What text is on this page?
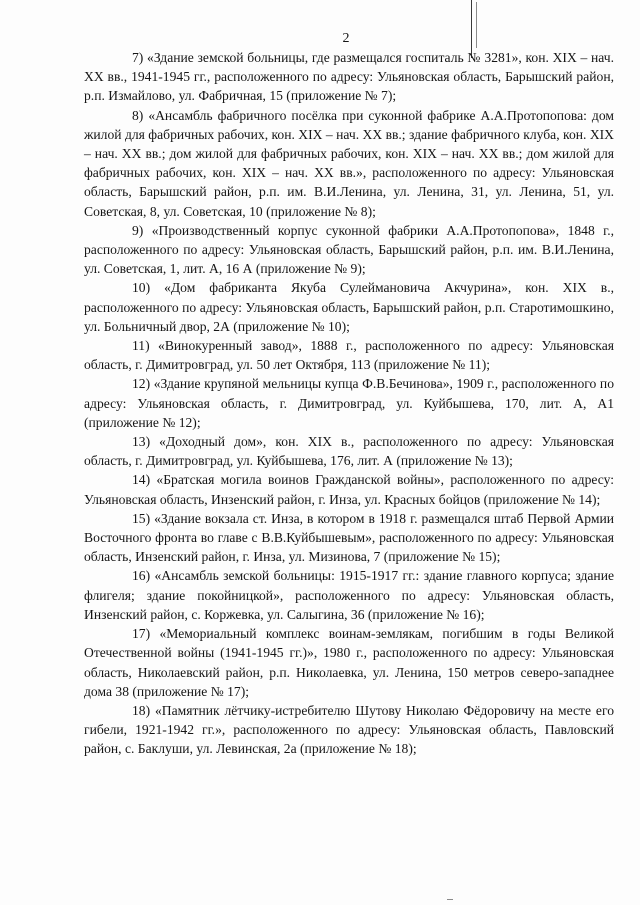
2

7) «Здание земской больницы, где размещался госпиталь № 3281», кон. XIX – нач. XX вв., 1941-1945 гг., расположенного по адресу: Ульяновская область, Барышский район, р.п. Измайлово, ул. Фабричная, 15 (приложение № 7);

8) «Ансамбль фабричного посёлка при суконной фабрике А.А.Протопопова: дом жилой для фабричных рабочих, кон. XIX – нач. XX вв.; здание фабричного клуба, кон. XIX – нач. XX вв.; дом жилой для фабричных рабочих, кон. XIX – нач. XX вв.; дом жилой для фабричных рабочих, кон. XIX – нач. XX вв.», расположенного по адресу: Ульяновская область, Барышский район, р.п. им. В.И.Ленина, ул. Ленина, 31, ул. Ленина, 51, ул. Советская, 8, ул. Советская, 10 (приложение № 8);

9) «Производственный корпус суконной фабрики А.А.Протопопова», 1848 г., расположенного по адресу: Ульяновская область, Барышский район, р.п. им. В.И.Ленина, ул. Советская, 1, лит. А, 16 А (приложение № 9);

10) «Дом фабриканта Якуба Сулеймановича Акчурина», кон. XIX в., расположенного по адресу: Ульяновская область, Барышский район, р.п. Старотимошкино, ул. Больничный двор, 2А (приложение № 10);

11) «Винокуренный завод», 1888 г., расположенного по адресу: Ульяновская область, г. Димитровград, ул. 50 лет Октября, 113 (приложение № 11);

12) «Здание крупяной мельницы купца Ф.В.Бечинова», 1909 г., расположенного по адресу: Ульяновская область, г. Димитровград, ул. Куйбышева, 170, лит. А, А1 (приложение № 12);

13) «Доходный дом», кон. XIX в., расположенного по адресу: Ульяновская область, г. Димитровград, ул. Куйбышева, 176, лит. А (приложение № 13);

14) «Братская могила воинов Гражданской войны», расположенного по адресу: Ульяновская область, Инзенский район, г. Инза, ул. Красных бойцов (приложение № 14);

15) «Здание вокзала ст. Инза, в котором в 1918 г. размещался штаб Первой Армии Восточного фронта во главе с В.В.Куйбышевым», расположенного по адресу: Ульяновская область, Инзенский район, г. Инза, ул. Мизинова, 7 (приложение № 15);

16) «Ансамбль земской больницы: 1915-1917 гг.: здание главного корпуса; здание флигеля; здание покойницкой», расположенного по адресу: Ульяновская область, Инзенский район, с. Коржевка, ул. Салыгина, 36 (приложение № 16);

17) «Мемориальный комплекс воинам-землякам, погибшим в годы Великой Отечественной войны (1941-1945 гг.)», 1980 г., расположенного по адресу: Ульяновская область, Николаевский район, р.п. Николаевка, ул. Ленина, 150 метров северо-западнее дома 38 (приложение № 17);

18) «Памятник лётчику-истребителю Шутову Николаю Фёдоровичу на месте его гибели, 1921-1942 гг.», расположенного по адресу: Ульяновская область, Павловский район, с. Баклуши, ул. Левинская, 2а (приложение № 18);
